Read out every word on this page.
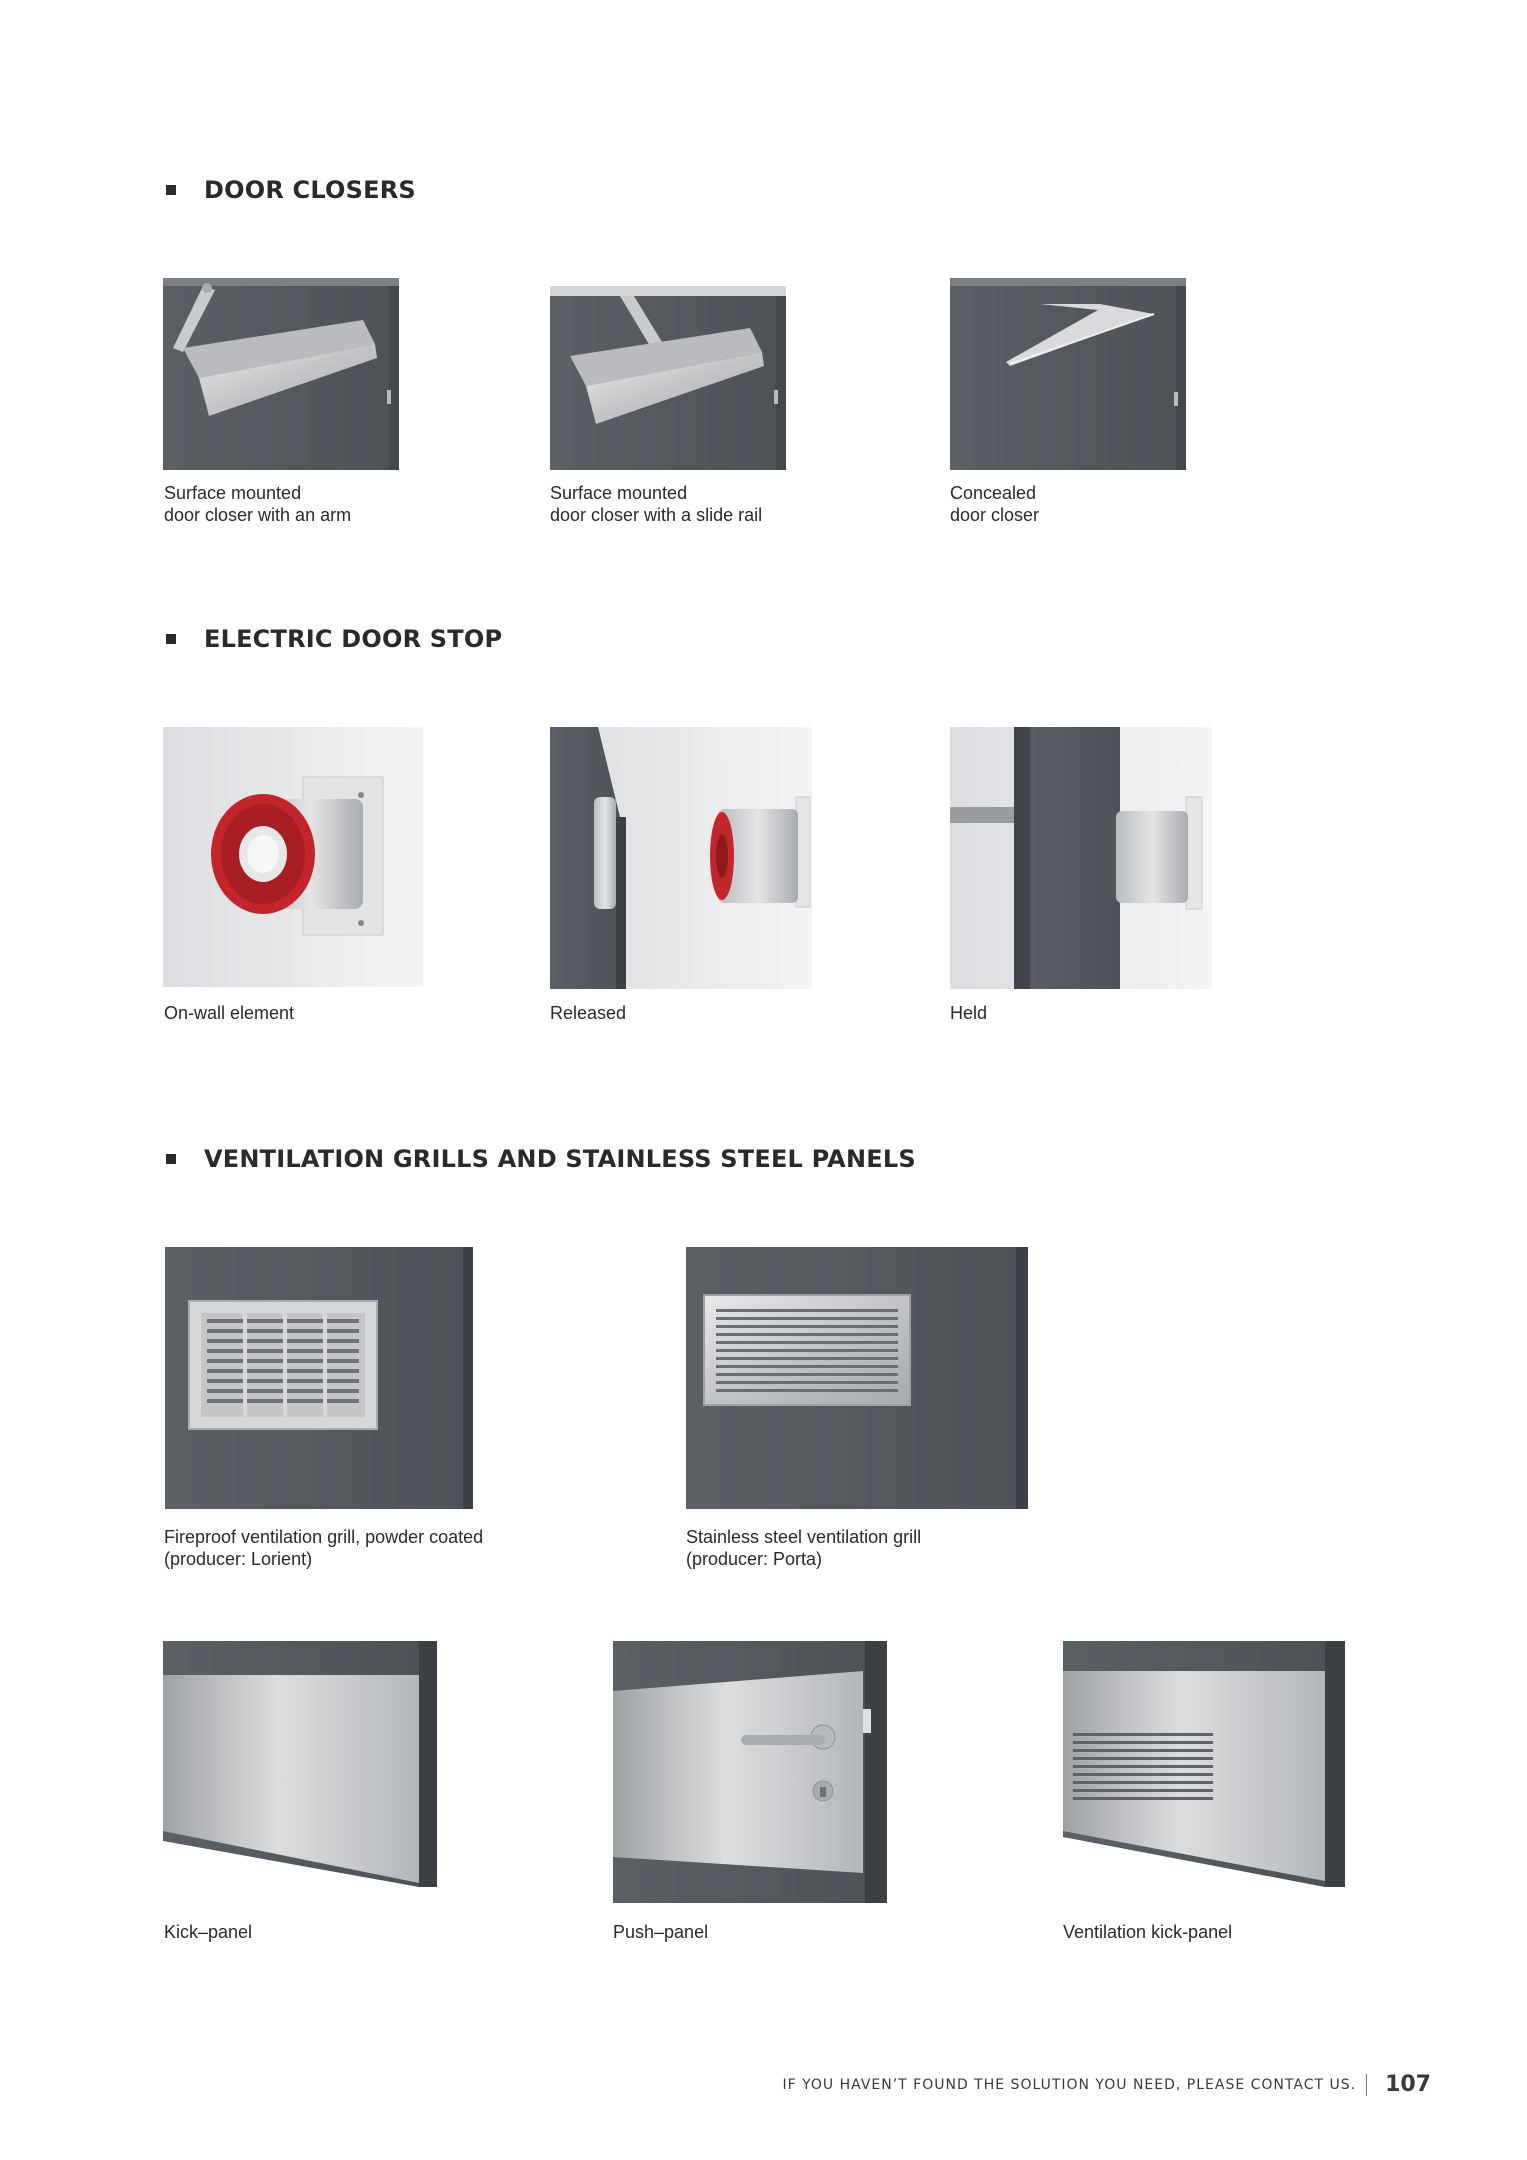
DOOR CLOSERS
Surface mounted
door closer with an arm
Surface mounted
door closer with a slide rail
Concealed
door closer
ELECTRIC DOOR STOP
On-wall element	Released	Held
VENTILATION GRILLS AND STAINLESS STEEL PANELS
Fireproof ventilation grill, powder coated
(producer: Lorient)
Stainless steel ventilation grill
(producer: Porta)
Kick–panel	Push–panel	Ventilation kick-panel
IF YOU HAVEN’T FOUND THE SOLUTION YOU NEED, PLEASE CONTACT US. 107
